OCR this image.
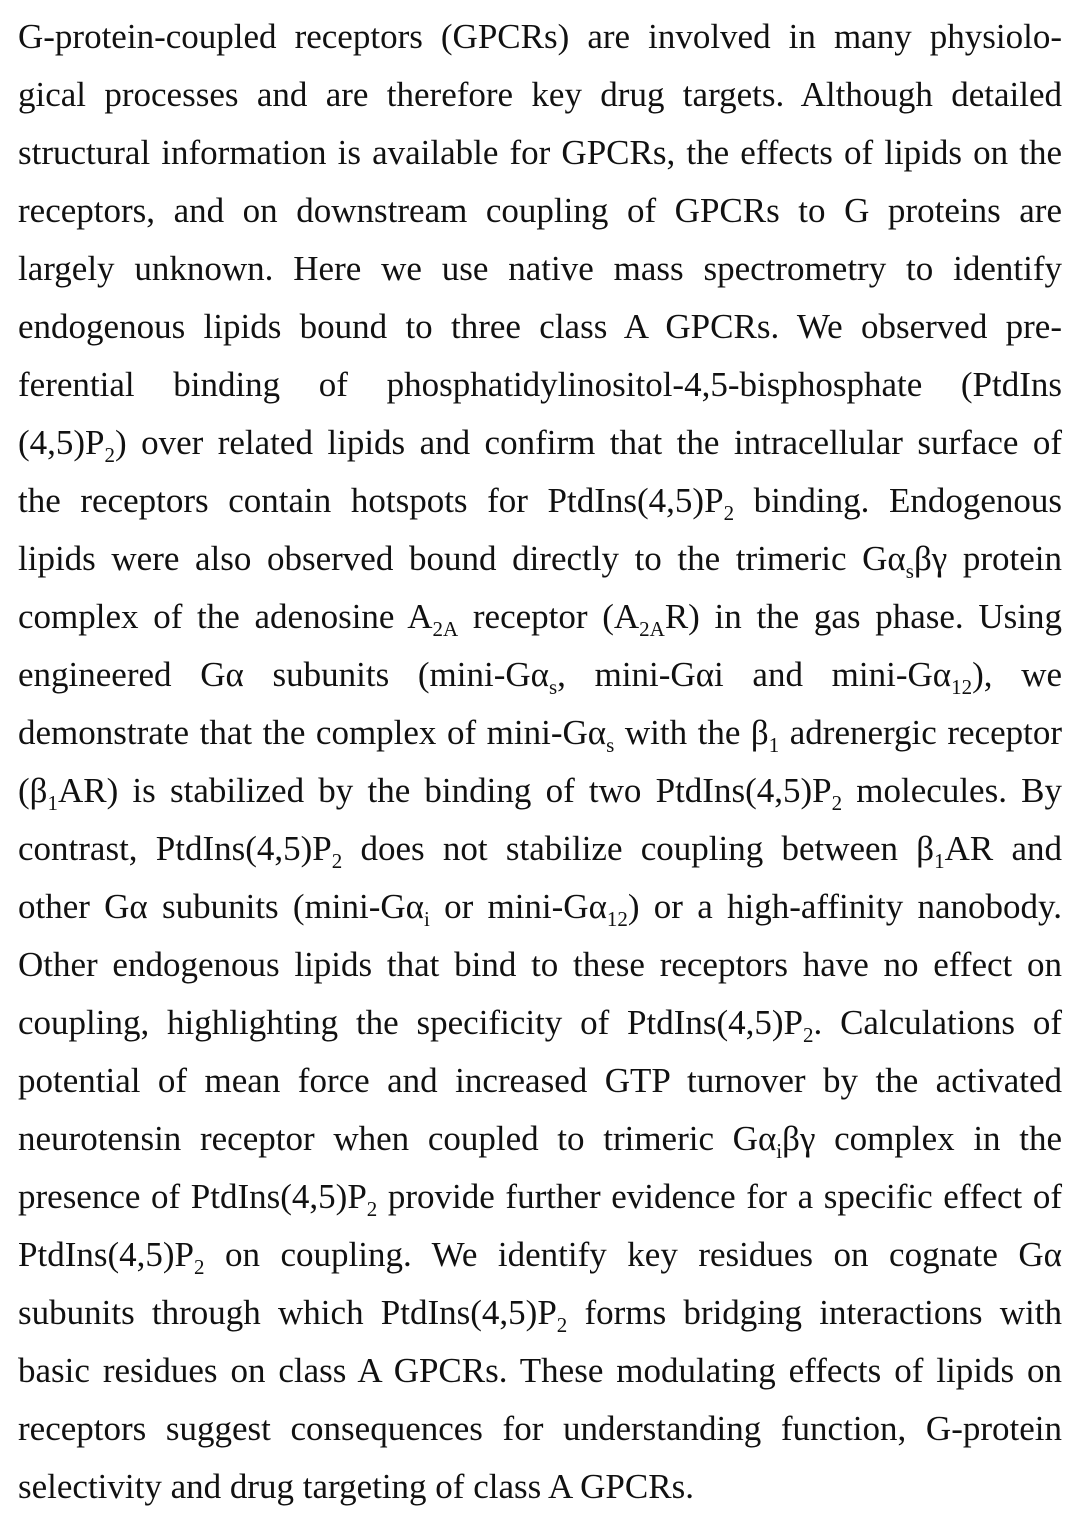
G-protein-coupled receptors (GPCRs) are involved in many physiolo-
gical processes and are therefore key drug targets. Although detailed
structural information is available for GPCRs, the effects of lipids on the
receptors, and on downstream coupling of GPCRs to G proteins are
largely unknown. Here we use native mass spectrometry to identify
endogenous lipids bound to three class A GPCRs. We observed pre-
ferential binding of phosphatidylinositol-4,5-bisphosphate (PtdIns
$(4,5)P_2$) over related lipids and confirm that the intracellular surface of
the receptors contain hotspots for $PtdIns(4,5)P_2$ binding. Endogenous
lipids were also observed bound directly to the trimeric $G\alpha_s\beta\gamma$ protein
complex of the adenosine $A_{2A}$ receptor $(A_{2A}R)$ in the gas phase. Using
engineered Gα subunits ($\min i-G\alpha_s$, mini-Gαi and mini-$G\alpha_{12}$), we
demonstrate that the complex of mini-$G\alpha_s$ with the $\beta_1$ adrenergic receptor
$(\beta_1AR)$ is stabilized by the binding of two $PtdIns(4,5)P_2$ molecules. By
contrast, $PtdIns(4,5)P_2$ does not stabilize coupling between $\beta_1AR$ and
other Gα subunits ($\min i-G\alpha_i$ or mini-$G\alpha_{12}$) or a high-affinity nanobody.
Other endogenous lipids that bind to these receptors have no effect on
coupling, highlighting the specificity of $PtdIns(4,5)P_2$. Calculations of
potential of mean force and increased GTP turnover by the activated
neurotensin receptor when coupled to trimeric $G\alpha_i\beta\gamma$ complex in the
presence of $PtdIns(4,5)P_2$ provide further evidence for a specific effect of
$PtdIns(4,5)P_2$ on coupling. We identify key residues on cognate Gα
subunits through which $PtdIns(4,5)P_2$ forms bridging interactions with
basic residues on class A GPCRs. These modulating effects of lipids on
receptors suggest consequences for understanding function, G-protein
selectivity and drug targeting of class A GPCRs.
